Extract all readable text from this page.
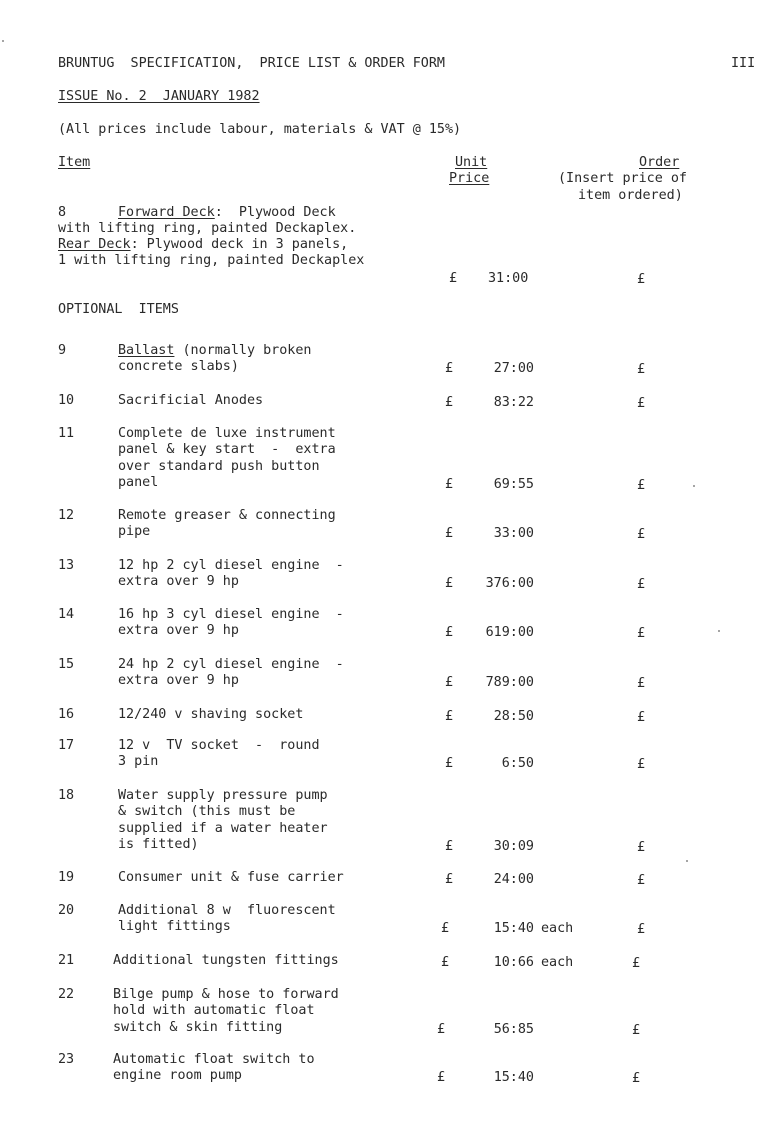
BRUNTUG  SPECIFICATION,  PRICE LIST & ORDER FORM	III
ISSUE No. 2  JANUARY 1982
(All prices include labour, materials & VAT @ 15%)
Item	Unit
Price
Order
(Insert price of
item ordered)
8	Forward Deck:  Plywood Deck
with lifting ring, painted Deckaplex.
Rear Deck: Plywood deck in 3 panels,
1 with lifting ring, painted Deckaplex
£ 31:00	£
OPTIONAL  ITEMS
9	Ballast (normally broken
concrete slabs)	£	27:00	£
10	Sacrificial Anodes	£	83:22	£
11	Complete de luxe instrument
panel & key start  -  extra
over standard push button
panel	£	69:55	£
12	Remote greaser & connecting
pipe	£	33:00	£
13	12 hp 2 cyl diesel engine  -
extra over 9 hp	£ 376:00	£
14	16 hp 3 cyl diesel engine  -
extra over 9 hp	£ 619:00	£
15	24 hp 2 cyl diesel engine  -
extra over 9 hp	£ 789:00	£
16	12/240 v shaving socket	£	28:50	£
17	12 v  TV socket  -  round
3 pin	£	6:50	£
18	Water supply pressure pump
& switch (this must be
supplied if a water heater
is fitted)	£	30:09	£
19	Consumer unit & fuse carrier	£	24:00	£
20	Additional 8 w  fluorescent
light fittings	£	15:40 each	£
21	Additional tungsten fittings	£	10:66 each	£
22	Bilge pump & hose to forward
hold with automatic float
switch & skin fitting	£	56:85	£
23	Automatic float switch to
engine room pump	£	15:40	£
